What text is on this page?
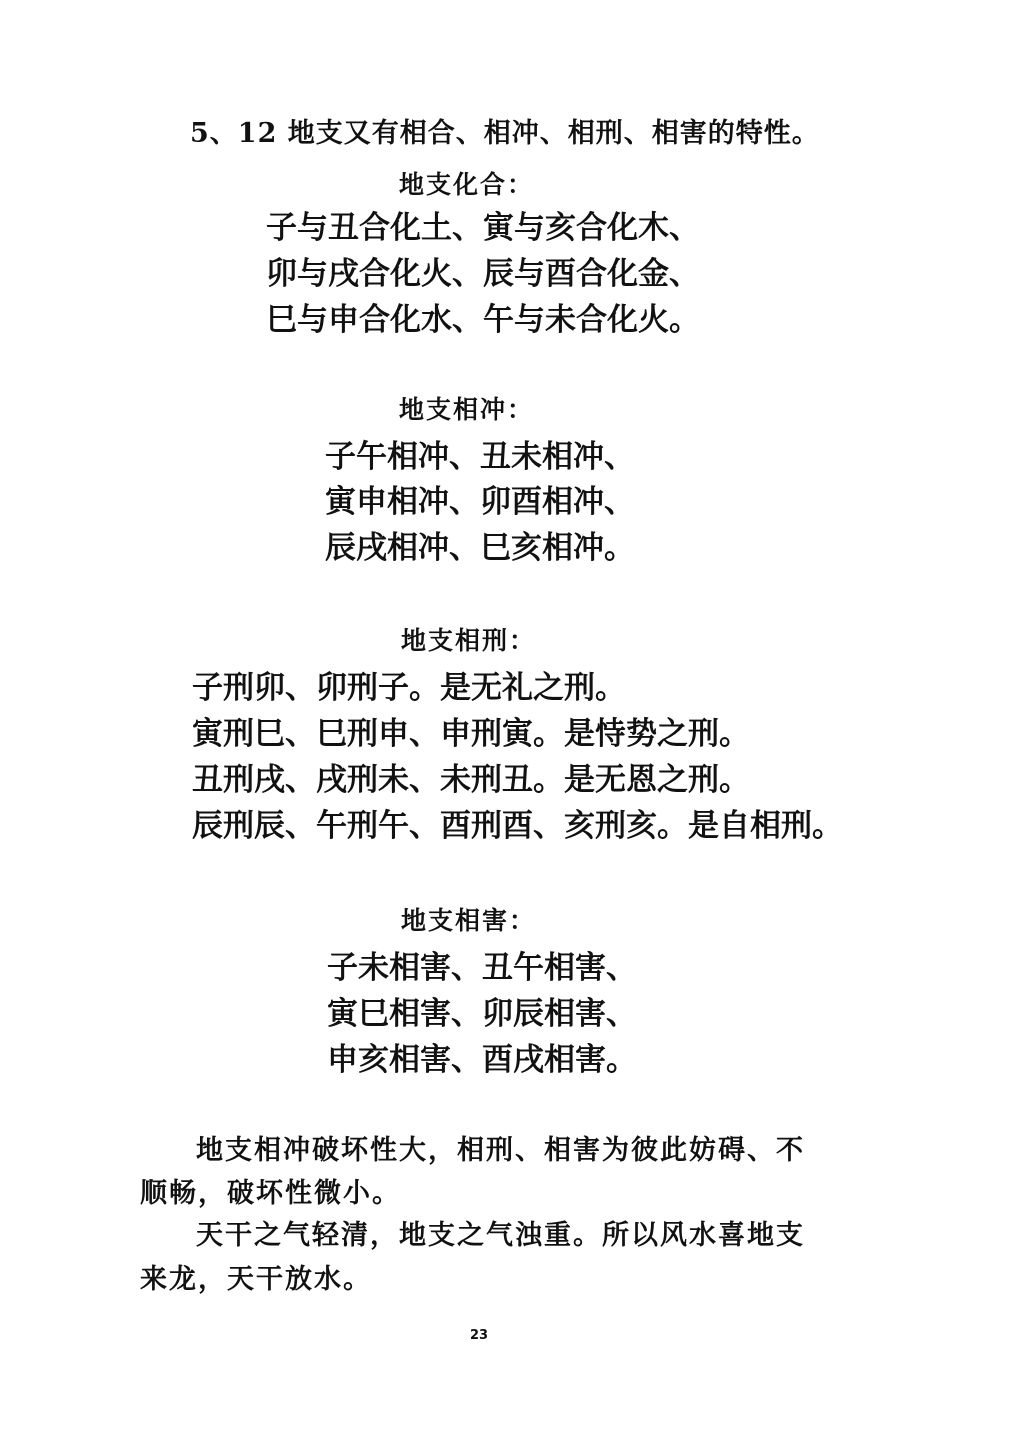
5、12 地支又有相合、相冲、相刑、相害的特性。
地支化合：
子与丑合化土、寅与亥合化木、
卯与戌合化火、辰与酉合化金、
巳与申合化水、午与未合化火。
地支相冲：
子午相冲、丑未相冲、
寅申相冲、卯酉相冲、
辰戌相冲、巳亥相冲。
地支相刑：
子刑卯、卯刑子。是无礼之刑。
寅刑巳、巳刑申、申刑寅。是恃势之刑。
丑刑戌、戌刑未、未刑丑。是无恩之刑。
辰刑辰、午刑午、酉刑酉、亥刑亥。是自相刑。
地支相害：
子未相害、丑午相害、
寅巳相害、卯辰相害、
申亥相害、酉戌相害。
地支相冲破坏性大，相刑、相害为彼此妨碍、不
顺畅，破坏性微小。
天干之气轻清，地支之气浊重。所以风水喜地支
来龙，天干放水。
23
